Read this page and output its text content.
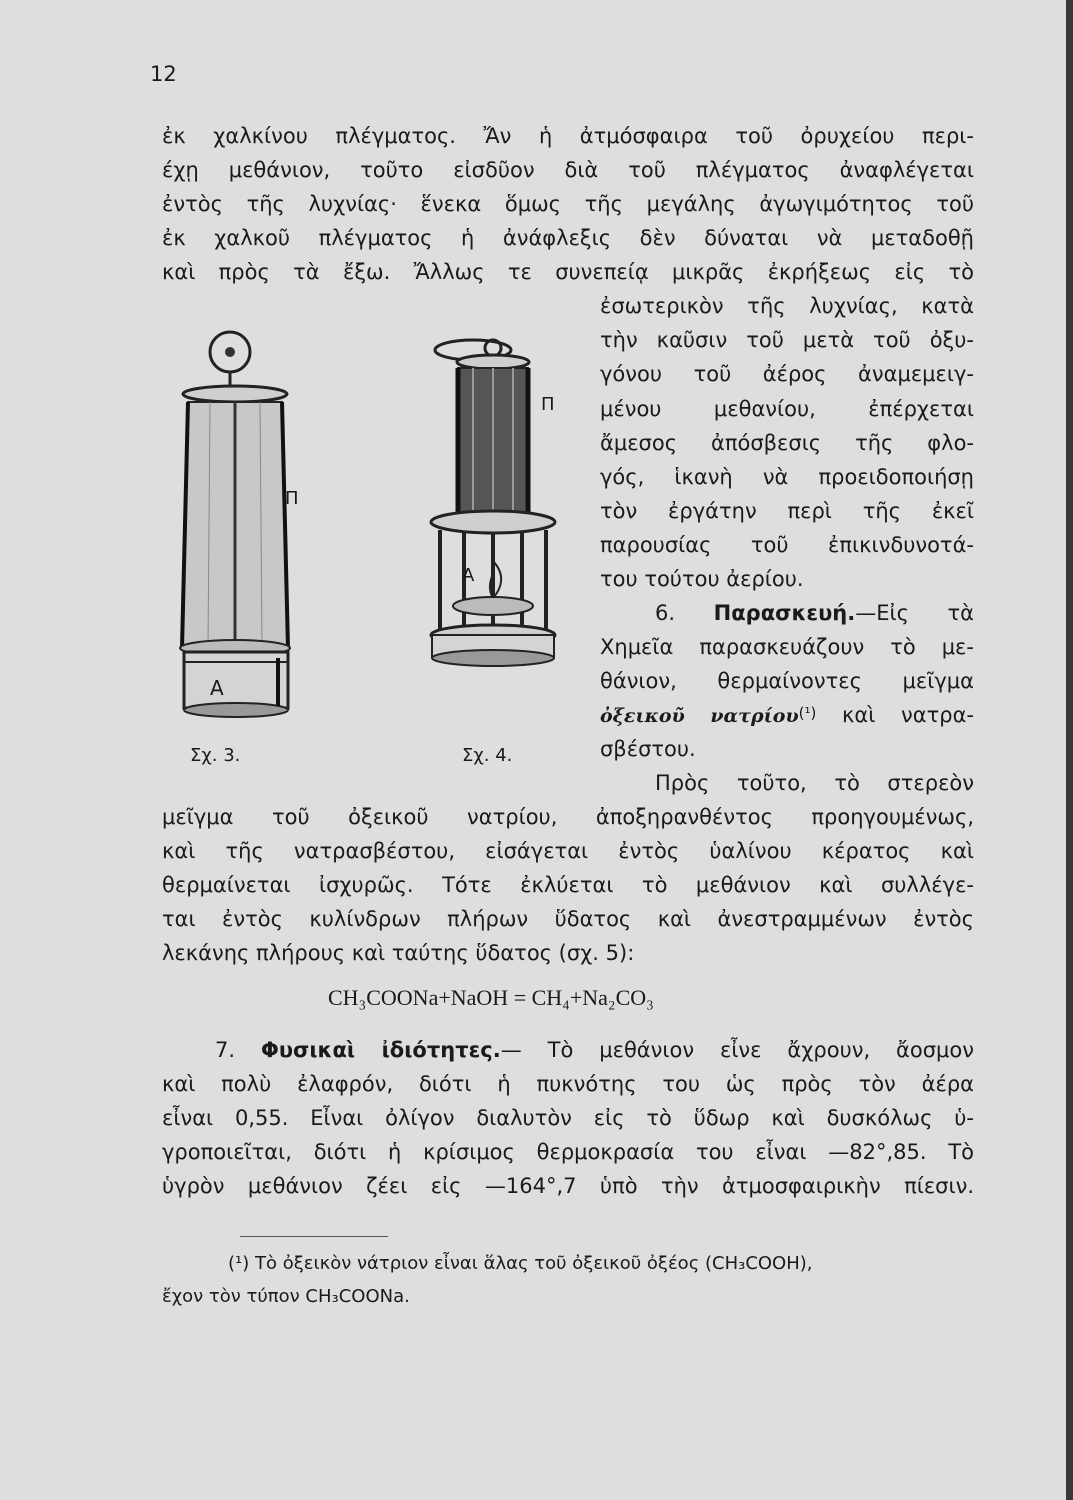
12
ἐκ χαλκίνου πλέγματος. Ἄν ἡ ἀτμόσφαιρα τοῦ ὀρυχείου περι-
έχῃ μεθάνιον, τοῦτο εἰσδῦον διὰ τοῦ πλέγματος ἀναφλέγεται
ἐντὸς τῆς λυχνίας· ἕνεκα ὅμως τῆς μεγάλης ἀγωγιμότητος τοῦ
ἐκ χαλκοῦ πλέγματος ἡ ἀνάφλεξις δὲν δύναται νὰ μεταδοθῇ
καὶ πρὸς τὰ ἔξω. Ἄλλως τε συνεπείᾳ μικρᾶς ἐκρήξεως εἰς τὸ
ἐσωτερικὸν τῆς λυχνίας, κατὰ
τὴν καῦσιν τοῦ μετὰ τοῦ ὀξυ-
γόνου τοῦ ἀέρος ἀναμεμειγ-
μένου μεθανίου, ἐπέρχεται
ἄμεσος ἀπόσβεσις τῆς φλο-
γός, ἱκανὴ νὰ προειδοποιήσῃ
τὸν ἐργάτην περὶ τῆς ἐκεῖ
παρουσίας τοῦ ἐπικινδυνοτά-
του τούτου ἀερίου.
6. Παρασκευή.—Εἰς τὰ
Χημεῖα παρασκευάζουν τὸ με-
θάνιον, θερμαίνοντες μεῖγμα
ὀξεικοῦ νατρίου(¹) καὶ νατρα-
σβέστου.
Πρὸς τοῦτο, τὸ στερεὸν
μεῖγμα τοῦ ὀξεικοῦ νατρίου, ἀποξηρανθέντος προηγουμένως,
καὶ τῆς νατρασβέστου, εἰσάγεται ἐντὸς ὑαλίνου κέρατος καὶ
θερμαίνεται ἰσχυρῶς. Τότε ἐκλύεται τὸ μεθάνιον καὶ συλλέγε-
ται ἐντὸς κυλίνδρων πλήρων ὕδατος καὶ ἀνεστραμμένων ἐντὸς
λεκάνης πλήρους καὶ ταύτης ὕδατος (σχ. 5):
CH₃COONa+NaOH = CH₄+Na₂CO₃
7. Φυσικαὶ ἰδιότητες.— Τὸ μεθάνιον εἶνε ἄχρουν, ἄοσμον
καὶ πολὺ ἐλαφρόν, διότι ἡ πυκνότης του ὡς πρὸς τὸν ἀέρα
εἶναι 0,55. Εἶναι ὀλίγον διαλυτὸν εἰς τὸ ὕδωρ καὶ δυσκόλως ὑ-
γροποιεῖται, διότι ἡ κρίσιμος θερμοκρασία του εἶναι —82°,85. Τὸ
ὑγρὸν μεθάνιον ζέει εἰς —164°,7 ὑπὸ τὴν ἀτμοσφαιρικὴν πίεσιν.
(¹) Τὸ ὀξεικὸν νάτριον εἶναι ἅλας τοῦ ὀξεικοῦ ὀξέος (CH₃COOH),
ἔχον τὸν τύπον CH₃COONa.
Π
Α
Σχ. 3.
Π
Α
Σχ. 4.
